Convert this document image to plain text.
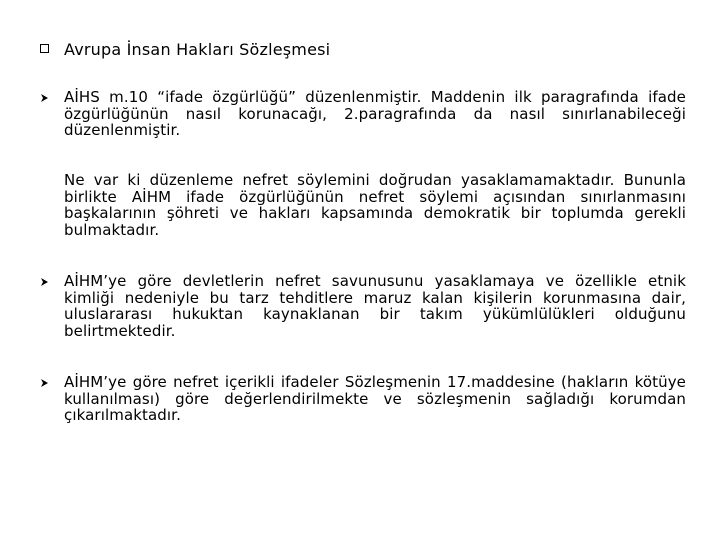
Avrupa İnsan Hakları Sözleşmesi
AİHS m.10 “ifade özgürlüğü” düzenlenmiştir. Maddenin ilk paragrafında ifade özgürlüğünün nasıl korunacağı, 2.paragrafında da nasıl sınırlanabileceği düzenlenmiştir.
Ne var ki düzenleme nefret söylemini doğrudan yasaklamamaktadır. Bununla birlikte AİHM ifade özgürlüğünün nefret söylemi açısından sınırlanmasını başkalarının şöhreti ve hakları kapsamında demokratik bir toplumda gerekli bulmaktadır.
AİHM’ye göre devletlerin nefret savunusunu yasaklamaya ve özellikle etnik kimliği nedeniyle bu tarz tehditlere maruz kalan kişilerin korunmasına dair, uluslararası hukuktan kaynaklanan bir takım yükümlülükleri olduğunu belirtmektedir.
AİHM’ye göre nefret içerikli ifadeler Sözleşmenin 17.maddesine (hakların kötüye kullanılması) göre değerlendirilmekte ve sözleşmenin sağladığı korumdan çıkarılmaktadır.
